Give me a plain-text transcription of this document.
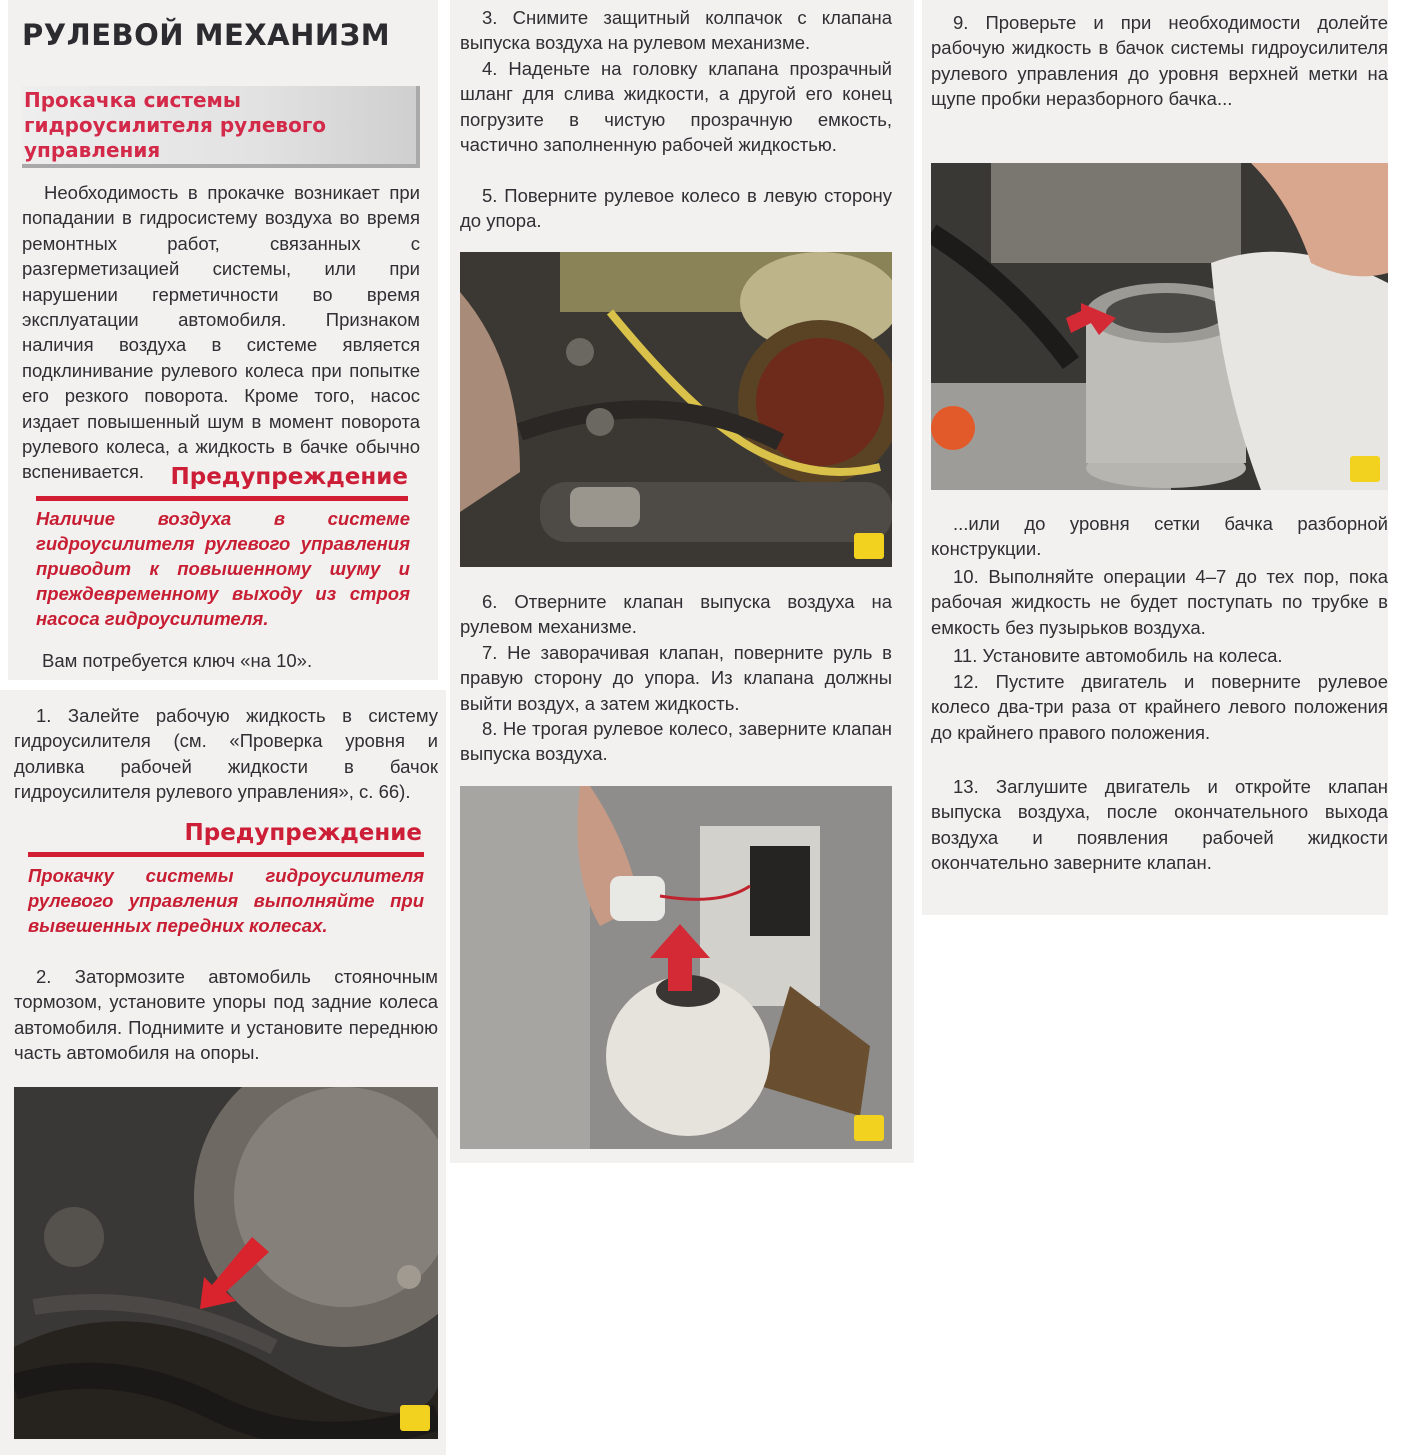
РУЛЕВОЙ МЕХАНИЗМ
Прокачка системы
гидроусилителя рулевого
управления

Необходимость в прокачке возникает при попадании в гидросистему воздуха во время ремонтных работ, связанных с разгерметизацией системы, или при нарушении герметичности во время эксплуатации автомобиля. Признаком наличия воздуха в системе является подклинивание рулевого колеса при попытке его резкого поворота. Кроме того, насос издает повышенный шум в момент поворота рулевого колеса, а жидкость в бачке обычно вспенивается.	Предупреждение

Наличие воздуха в системе гидроусилителя рулевого управления приводит к повышенному шуму и преждевременному выходу из строя насоса гидроусилителя.

Вам потребуется ключ «на 10».

1. Залейте рабочую жидкость в систему гидроусилителя (см. «Проверка уровня и доливка рабочей жидкости в бачок гидроусилителя рулевого управления», с. 66).

Предупреждение

Прокачку системы гидроусилителя рулевого управления выполняйте при вывешенных передних колесах.

2. Затормозите автомобиль стояночным тормозом, установите упоры под задние колеса автомобиля. Поднимите и установите переднюю часть автомобиля на опоры.

3. Снимите защитный колпачок с клапана выпуска воздуха на рулевом механизме.

4. Наденьте на головку клапана прозрачный шланг для слива жидкости, а другой его конец погрузите в чистую прозрачную емкость, частично заполненную рабочей жидкостью.

5. Поверните рулевое колесо в левую сторону до упора.

6. Отверните клапан выпуска воздуха на рулевом механизме.

7. Не заворачивая клапан, поверните руль в правую сторону до упора. Из клапана должны выйти воздух, а затем жидкость.

8. Не трогая рулевое колесо, заверните клапан выпуска воздуха.

9. Проверьте и при необходимости долейте рабочую жидкость в бачок системы гидроусилителя рулевого управления до уровня верхней метки на щупе пробки неразборного бачка...

...или до уровня сетки бачка разборной конструкции.

10. Выполняйте операции 4–7 до тех пор, пока рабочая жидкость не будет поступать по трубке в емкость без пузырьков воздуха.

11. Установите автомобиль на колеса.

12. Пустите двигатель и поверните рулевое колесо два-три раза от крайнего левого положения до крайнего правого положения.

13. Заглушите двигатель и откройте клапан выпуска воздуха, после окончательного выхода воздуха и появления рабочей жидкости окончательно заверните клапан.
